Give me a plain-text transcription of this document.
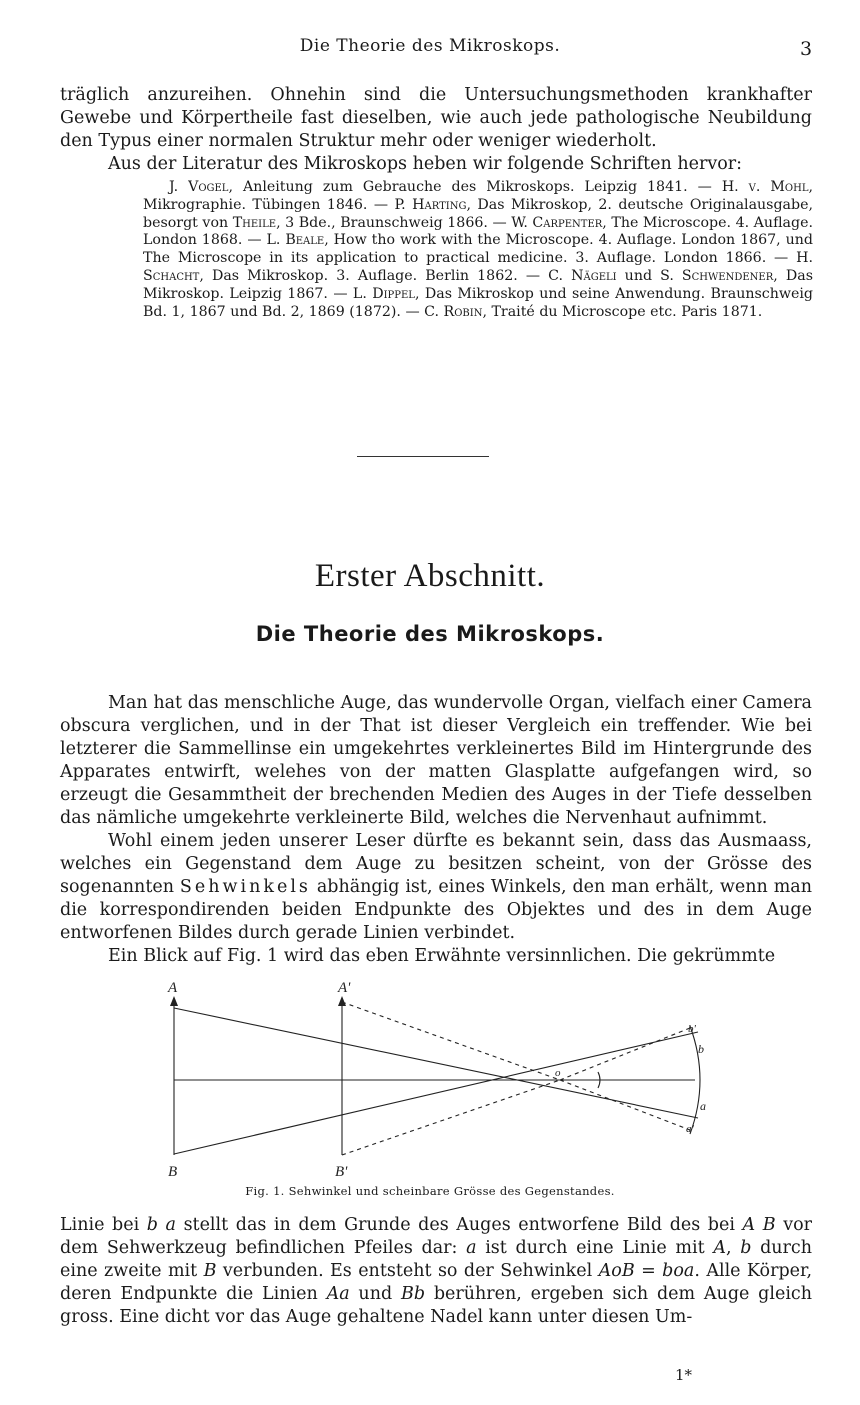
Die Theorie des Mikroskops.	3

träglich anzureihen. Ohnehin sind die Untersuchungsmethoden krankhafter Gewebe und Körpertheile fast dieselben, wie auch jede pathologische Neubildung den Typus einer normalen Struktur mehr oder weniger wiederholt.

Aus der Literatur des Mikroskops heben wir folgende Schriften hervor:

J. Vogel, Anleitung zum Gebrauche des Mikroskops. Leipzig 1841. — H. v. Mohl, Mikrographie. Tübingen 1846. — P. Harting, Das Mikroskop, 2. deutsche Originalausgabe, besorgt von Theile, 3 Bde., Braunschweig 1866. — W. Carpenter, The Microscope. 4. Auflage. London 1868. — L. Beale, How tho work with the Microscope. 4. Auflage. London 1867, und The Microscope in its application to practical medicine. 3. Auflage. London 1866. — H. Schacht, Das Mikroskop. 3. Auflage. Berlin 1862. — C. Nägeli und S. Schwendener, Das Mikroskop. Leipzig 1867. — L. Dippel, Das Mikroskop und seine Anwendung. Braunschweig Bd. 1, 1867 und Bd. 2, 1869 (1872). — C. Robin, Traité du Microscope etc. Paris 1871.

Erster Abschnitt.
Die Theorie des Mikroskops.

Man hat das menschliche Auge, das wundervolle Organ, vielfach einer Camera obscura verglichen, und in der That ist dieser Vergleich ein treffender. Wie bei letzterer die Sammellinse ein umgekehrtes verkleinertes Bild im Hintergrunde des Apparates entwirft, welehes von der matten Glasplatte aufgefangen wird, so erzeugt die Gesammtheit der brechenden Medien des Auges in der Tiefe desselben das nämliche umgekehrte verkleinerte Bild, welches die Nervenhaut aufnimmt.

Wohl einem jeden unserer Leser dürfte es bekannt sein, dass das Ausmaass, welches ein Gegenstand dem Auge zu besitzen scheint, von der Grösse des sogenannten Sehwinkels abhängig ist, eines Winkels, den man erhält, wenn man die korrespondirenden beiden Endpunkte des Objektes und des in dem Auge entworfenen Bildes durch gerade Linien verbindet.

Ein Blick auf Fig. 1 wird das eben Erwähnte versinnlichen. Die gekrümmte

A	A'
B	B'
o
b'
b
a
a'
Fig. 1. Sehwinkel und scheinbare Grösse des Gegenstandes.

Linie bei b a stellt das in dem Grunde des Auges entworfene Bild des bei A B vor dem Sehwerkzeug befindlichen Pfeiles dar: a ist durch eine Linie mit A, b durch eine zweite mit B verbunden. Es entsteht so der Sehwinkel AoB = boa. Alle Körper, deren Endpunkte die Linien Aa und Bb berühren, ergeben sich dem Auge gleich gross. Eine dicht vor das Auge gehaltene Nadel kann unter diesen Um-

1*
